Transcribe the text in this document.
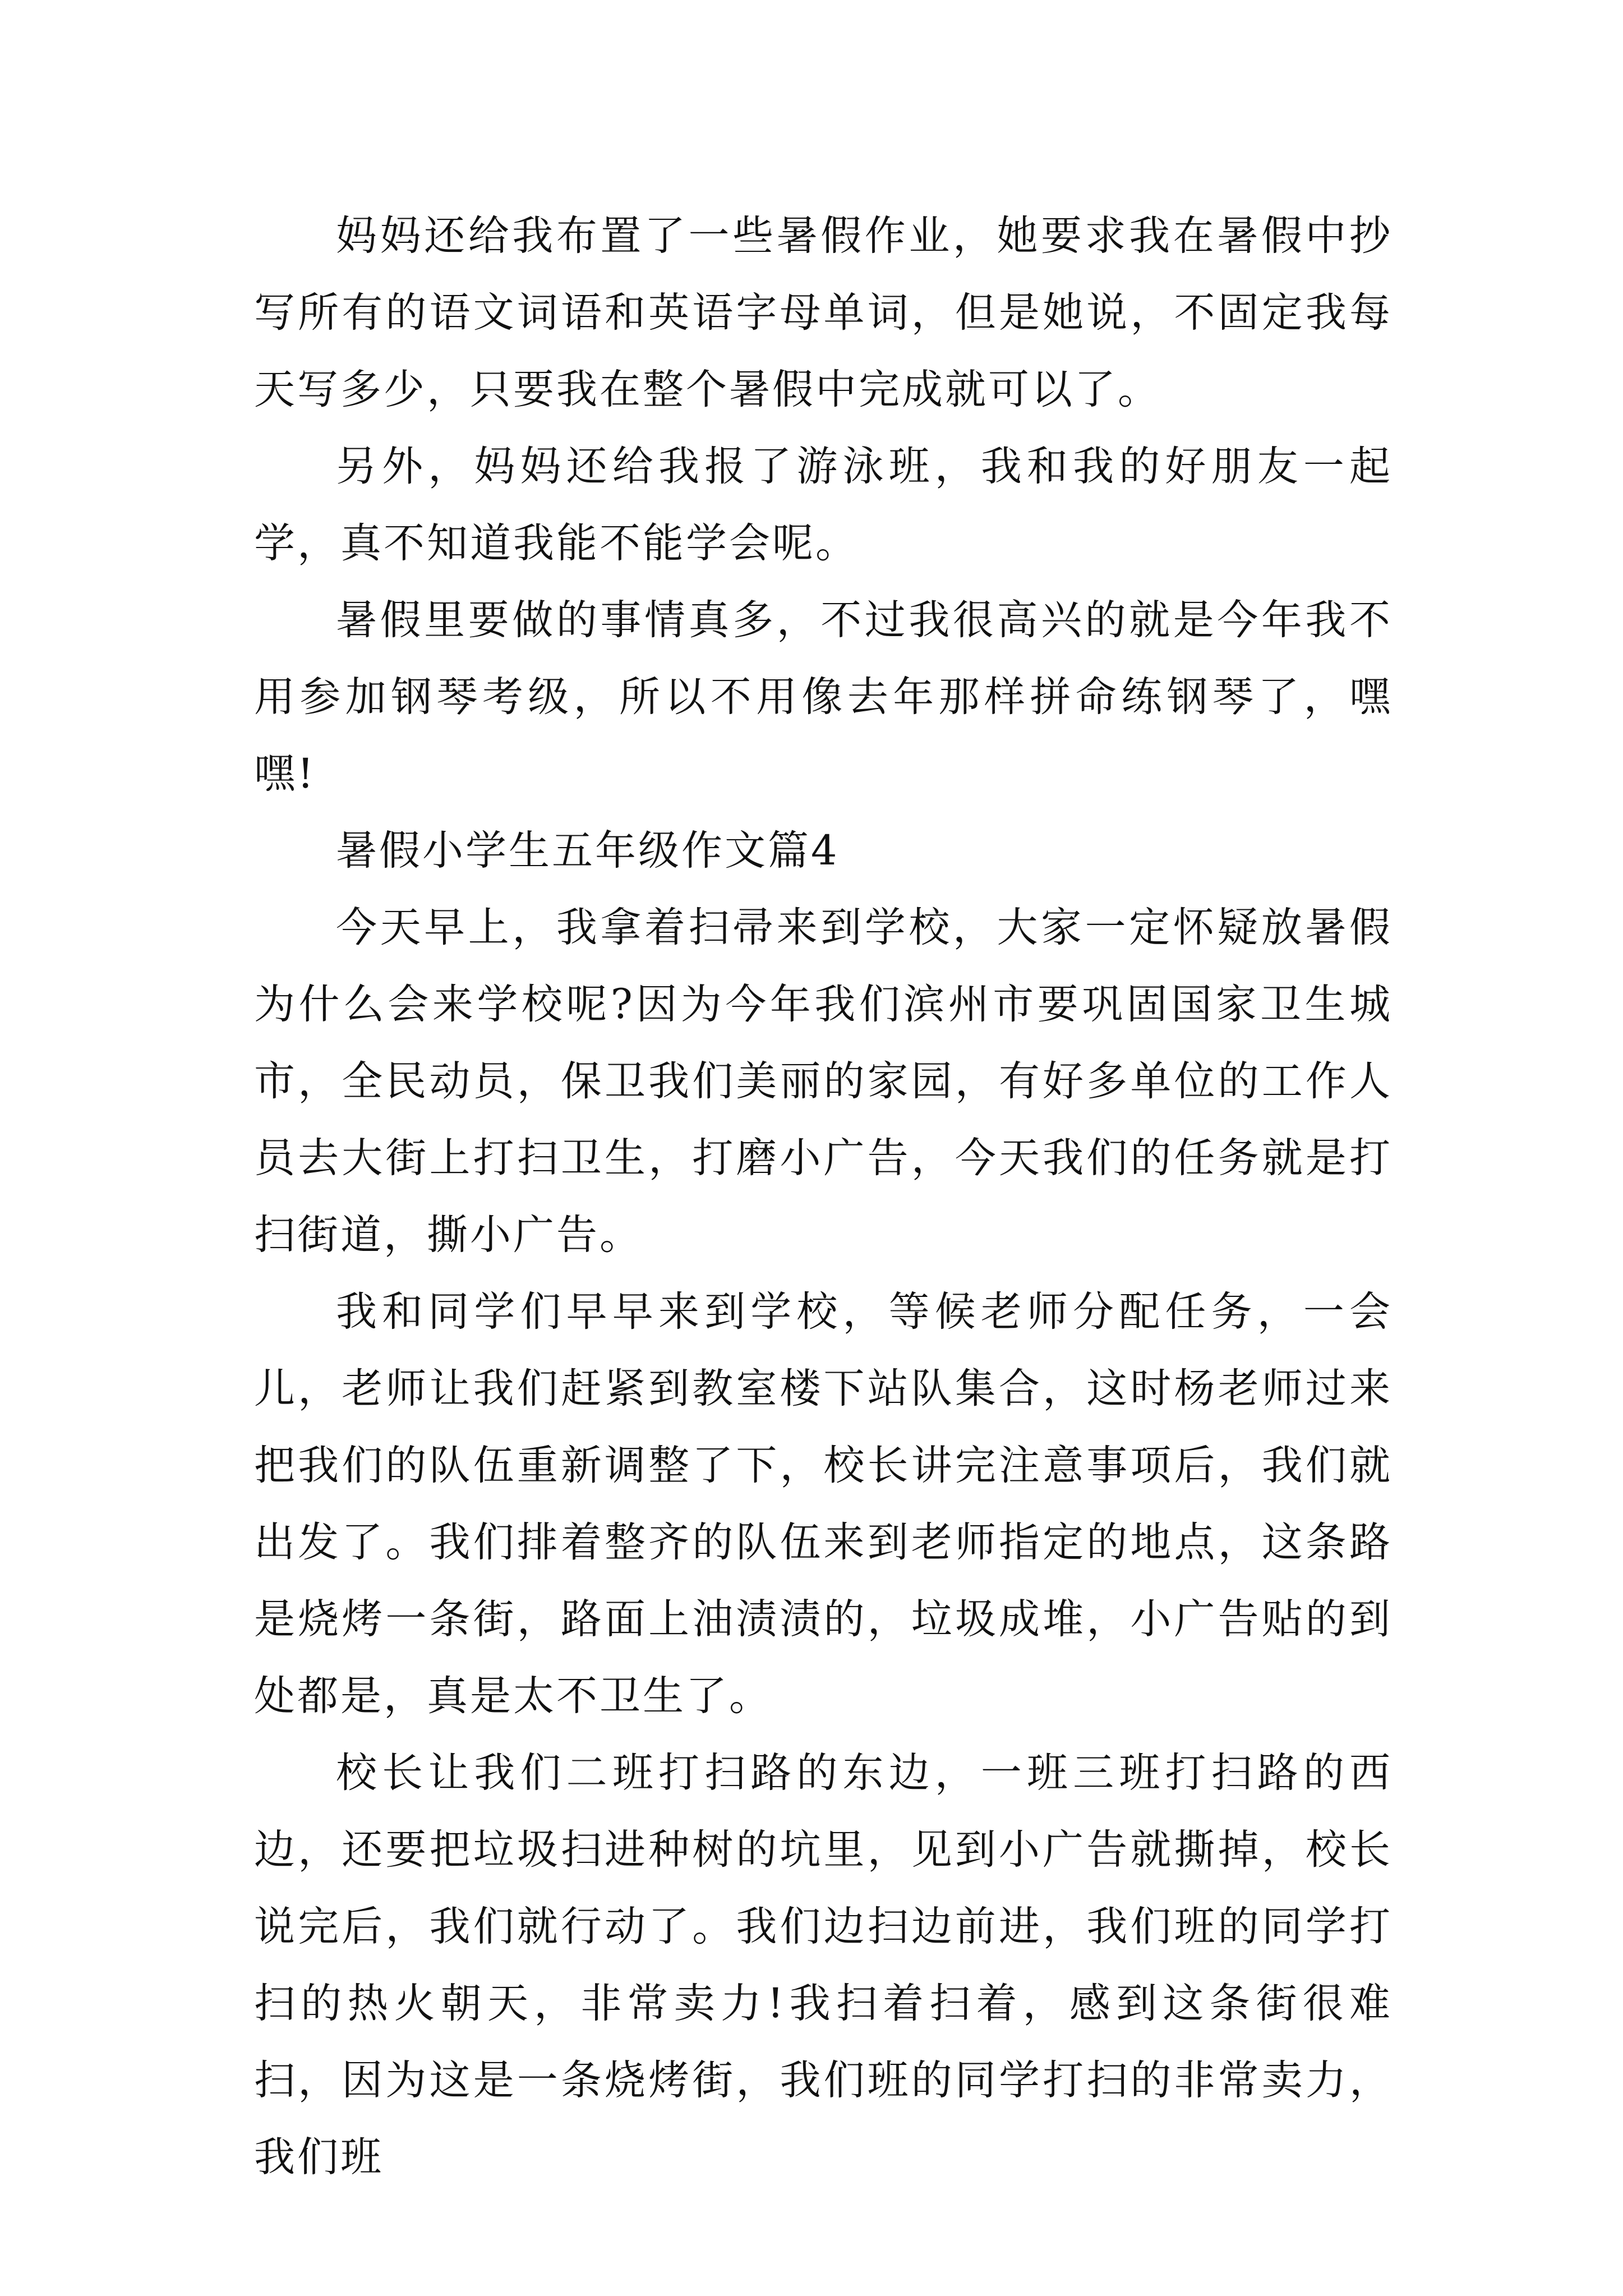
妈妈还给我布置了一些暑假作业，她要求我在暑假中抄写所有的语文词语和英语字母单词，但是她说，不固定我每天写多少，只要我在整个暑假中完成就可以了。

另外，妈妈还给我报了游泳班，我和我的好朋友一起学，真不知道我能不能学会呢。

暑假里要做的事情真多，不过我很高兴的就是今年我不用参加钢琴考级，所以不用像去年那样拼命练钢琴了，嘿嘿!

暑假小学生五年级作文篇4

今天早上，我拿着扫帚来到学校，大家一定怀疑放暑假为什么会来学校呢?因为今年我们滨州市要巩固国家卫生城市，全民动员，保卫我们美丽的家园，有好多单位的工作人员去大街上打扫卫生，打磨小广告，今天我们的任务就是打扫街道，撕小广告。

我和同学们早早来到学校，等候老师分配任务，一会儿，老师让我们赶紧到教室楼下站队集合，这时杨老师过来把我们的队伍重新调整了下，校长讲完注意事项后，我们就出发了。我们排着整齐的队伍来到老师指定的地点，这条路是烧烤一条街，路面上油渍渍的，垃圾成堆，小广告贴的到处都是，真是太不卫生了。

校长让我们二班打扫路的东边，一班三班打扫路的西边，还要把垃圾扫进种树的坑里，见到小广告就撕掉，校长说完后，我们就行动了。我们边扫边前进，我们班的同学打扫的热火朝天，非常卖力!我扫着扫着，感到这条街很难扫，因为这是一条烧烤街，我们班的同学打扫的非常卖力，我们班
